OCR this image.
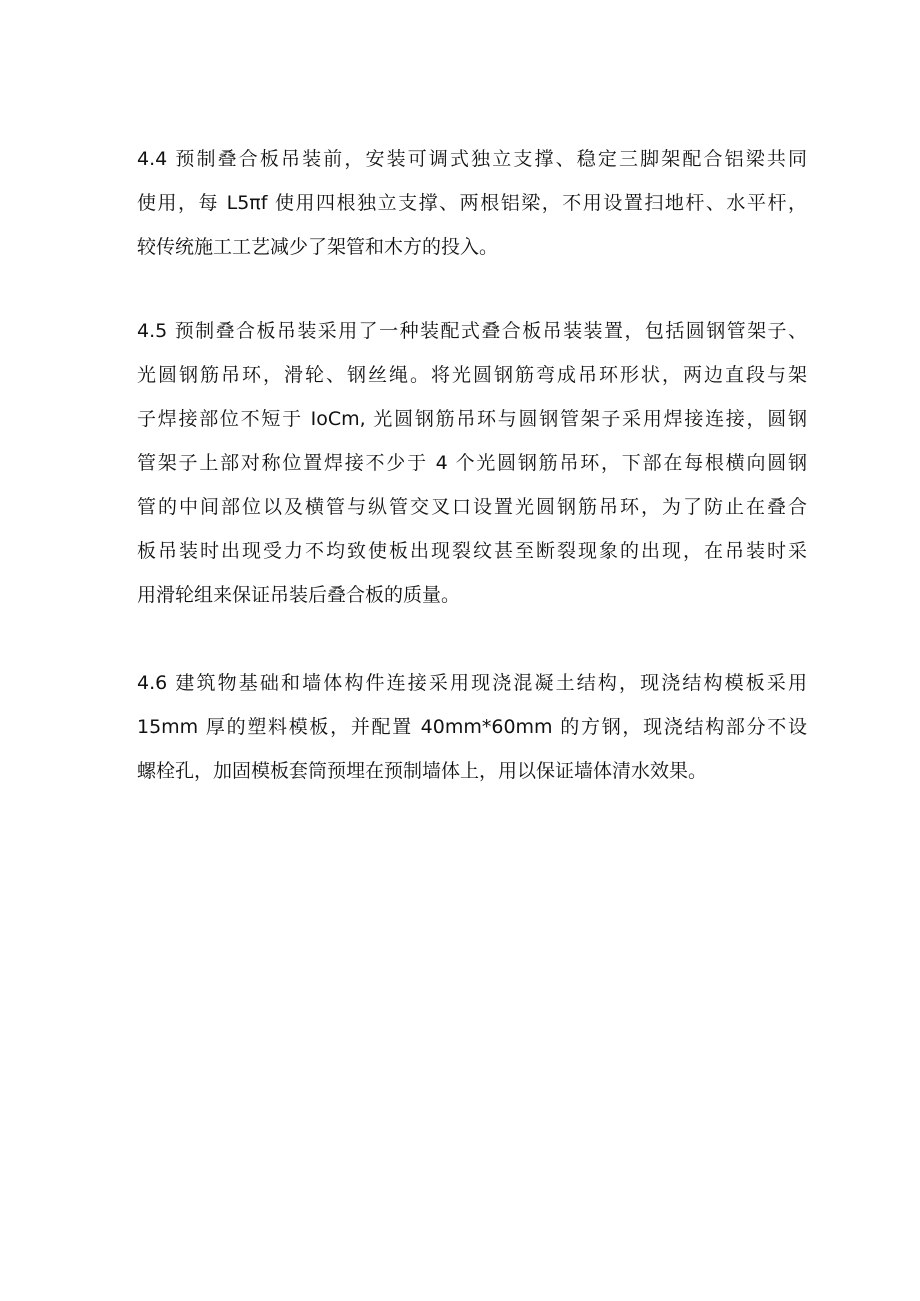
4.4 预制叠合板吊装前，安装可调式独立支撑、稳定三脚架配合铝梁共同
使用，每 L5πf 使用四根独立支撑、两根铝梁，不用设置扫地杆、水平杆，
较传统施工工艺减少了架管和木方的投入。
4.5 预制叠合板吊装采用了一种装配式叠合板吊装装置，包括圆钢管架子、
光圆钢筋吊环，滑轮、钢丝绳。将光圆钢筋弯成吊环形状，两边直段与架
子焊接部位不短于 IoCm, 光圆钢筋吊环与圆钢管架子采用焊接连接，圆钢
管架子上部对称位置焊接不少于 4 个光圆钢筋吊环，下部在每根横向圆钢
管的中间部位以及横管与纵管交叉口设置光圆钢筋吊环，为了防止在叠合
板吊装时出现受力不均致使板出现裂纹甚至断裂现象的出现，在吊装时采
用滑轮组来保证吊装后叠合板的质量。
4.6 建筑物基础和墙体构件连接采用现浇混凝土结构，现浇结构模板采用
15mm 厚的塑料模板，并配置 40mm*60mm 的方钢，现浇结构部分不设
螺栓孔，加固模板套筒预埋在预制墙体上，用以保证墙体清水效果。
